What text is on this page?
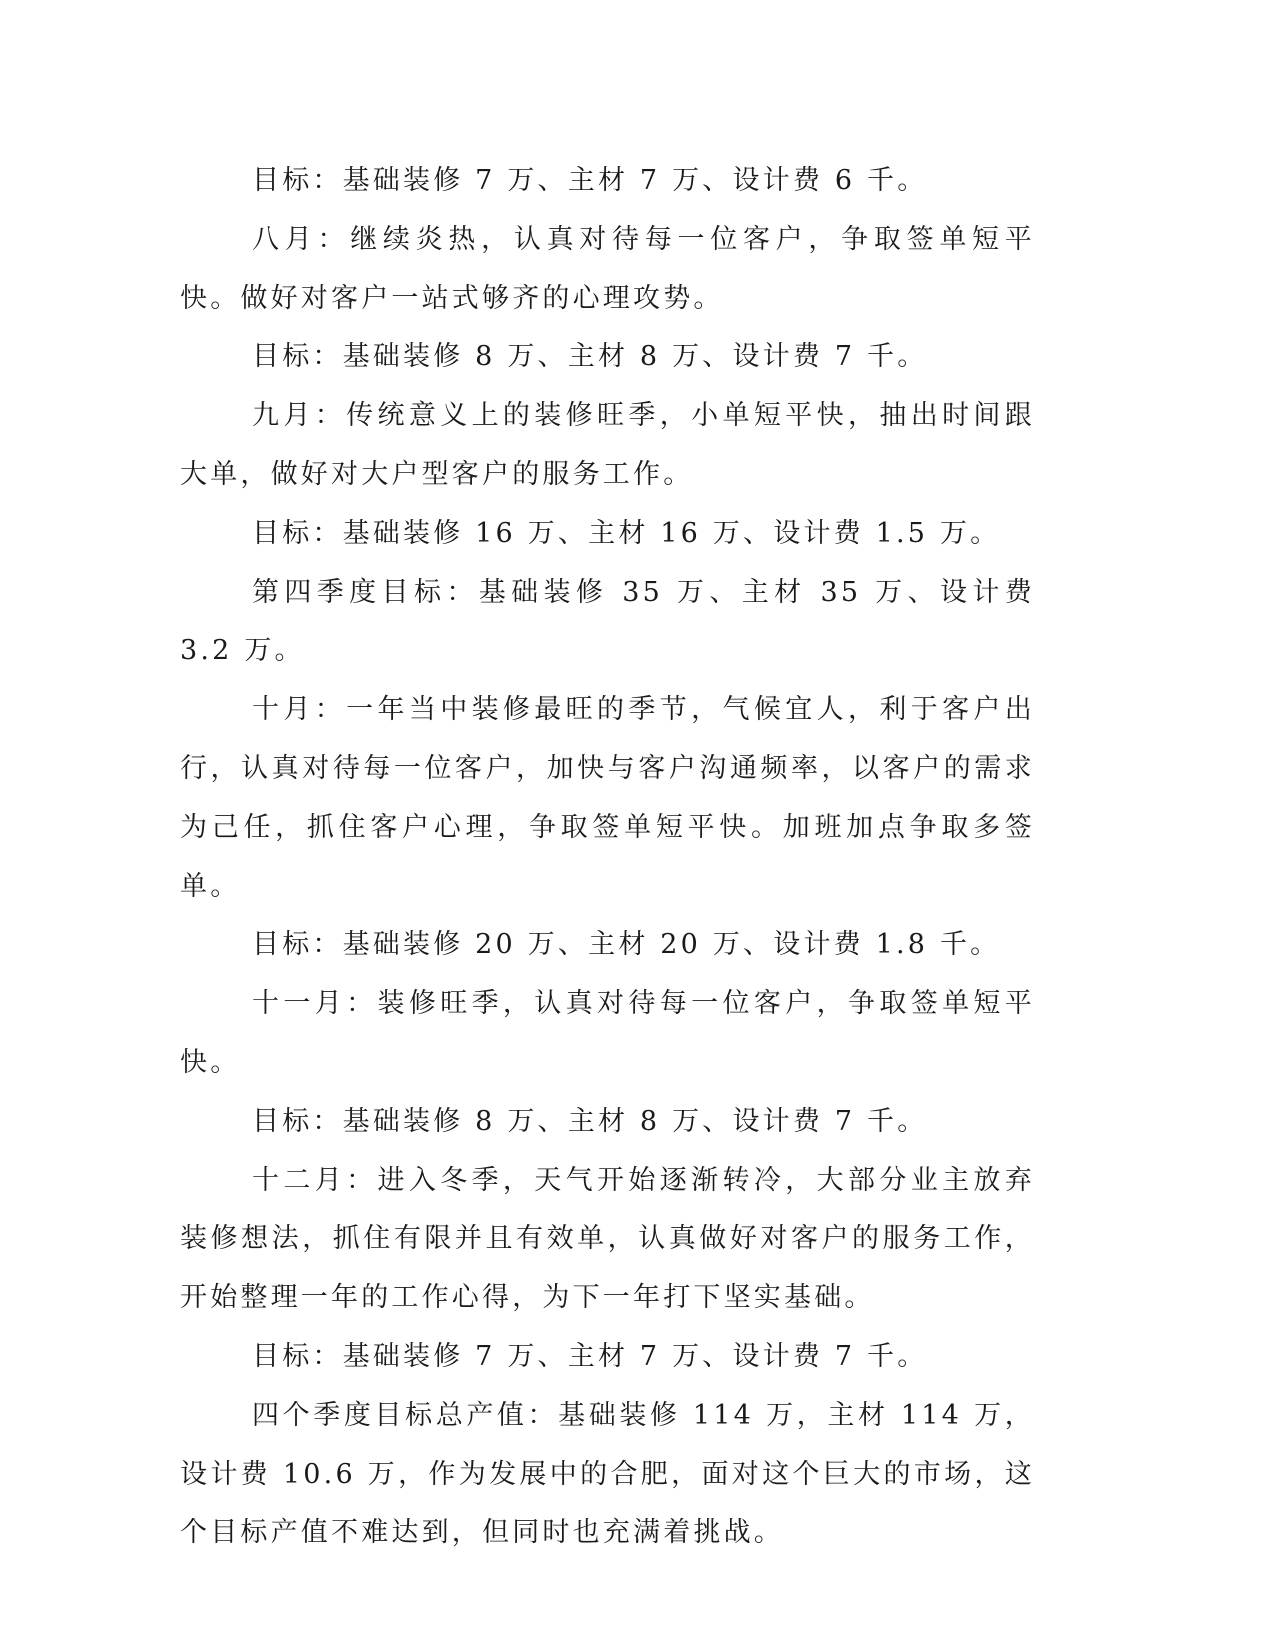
目标：基础装修 7 万、主材 7 万、设计费 6 千。

八月：继续炎热，认真对待每一位客户，争取签单短平快。做好对客户一站式够齐的心理攻势。

目标：基础装修 8 万、主材 8 万、设计费 7 千。

九月：传统意义上的装修旺季，小单短平快，抽出时间跟大单，做好对大户型客户的服务工作。

目标：基础装修 16 万、主材 16 万、设计费 1.5 万。

第四季度目标：基础装修 35 万、主材 35 万、设计费 3.2 万。

十月：一年当中装修最旺的季节，气候宜人，利于客户出行，认真对待每一位客户，加快与客户沟通频率，以客户的需求为己任，抓住客户心理，争取签单短平快。加班加点争取多签单。

目标：基础装修 20 万、主材 20 万、设计费 1.8 千。

十一月：装修旺季，认真对待每一位客户，争取签单短平快。

目标：基础装修 8 万、主材 8 万、设计费 7 千。

十二月：进入冬季，天气开始逐渐转冷，大部分业主放弃装修想法，抓住有限并且有效单，认真做好对客户的服务工作，开始整理一年的工作心得，为下一年打下坚实基础。

目标：基础装修 7 万、主材 7 万、设计费 7 千。

四个季度目标总产值：基础装修 114 万，主材 114 万，设计费 10.6 万，作为发展中的合肥，面对这个巨大的市场，这个目标产值不难达到，但同时也充满着挑战。
